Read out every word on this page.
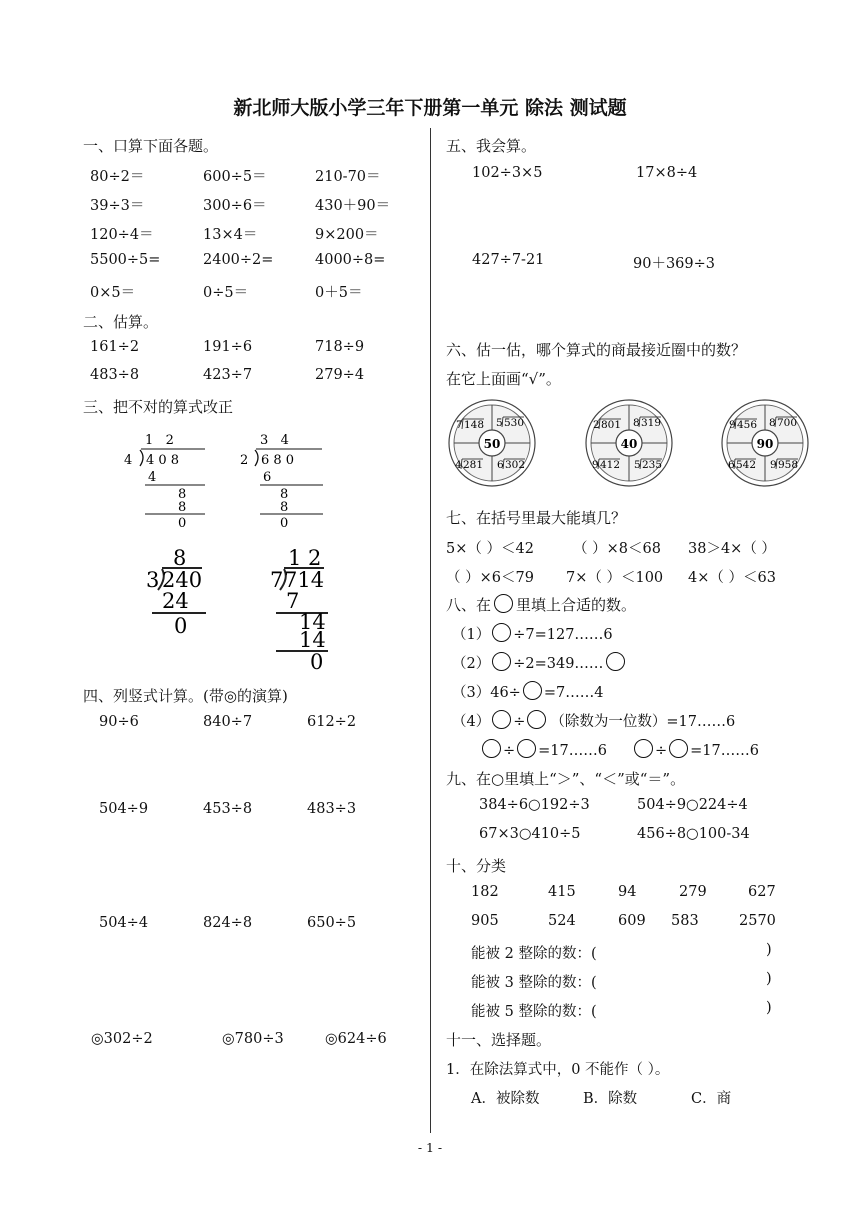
新北师大版小学三年下册第一单元 除法 测试题
一、口算下面各题。
80÷2＝	600÷5＝	210-70＝
39÷3＝	300÷6＝	430＋90＝
120÷4＝	13×4＝	9×200＝
5500÷5=	2400÷2=	4000÷8=
0×5＝	0÷5＝	0＋5＝
二、估算。
161÷2	191÷6	718÷9
483÷8	423÷7	279÷4
三、把不对的算式改正
1   2
4 4 0 8
4
8
8
0
3   4
2 6 8 0
6
8
8
0
8
3 240
24
0
1 2
7 714
7
14
14
0
四、列竖式计算。(带◎的演算)
90÷6	840÷7	612÷2
504÷9	453÷8	483÷3
504÷4	824÷8	650÷5
◎302÷2	◎780÷3	◎624÷6
五、我会算。
102÷3×5	17×8÷4
427÷7-21	90＋369÷3
六、估一估，哪个算式的商最接近圈中的数？
在它上面画“√”。
50
7 148 5 530
4 281 6 302
40
2 801 8 319
9 412 5 235
90
9 456 8 700
6 542 9 958
七、在括号里最大能填几？
5×（ ）＜42	（ ）×8＜68 38＞4×（ ）
（ ）×6＜79 7×（ ）＜100 4×（ ）＜63
八、在 里填上合适的数。
（1） ÷7=127……6
（2） ÷2=349……
（3）46÷ =7……4
（4） ÷ （除数为一位数）=17……6
÷ =17……6	÷ =17……6
九、在○里填上“＞”、“＜”或“＝”。
384÷6○192÷3	504÷9○224÷4
67×3○410÷5	456÷8○100-34
十、分类
182	415	94	279	627
905	524	609 583	2570
能被 2 整除的数：(	)
能被 3 整除的数：(	)
能被 5 整除的数：(	)
十一、选择题。
1．在除法算式中，0 不能作（ ）。
A．被除数	B．除数	C．商
- 1 -
